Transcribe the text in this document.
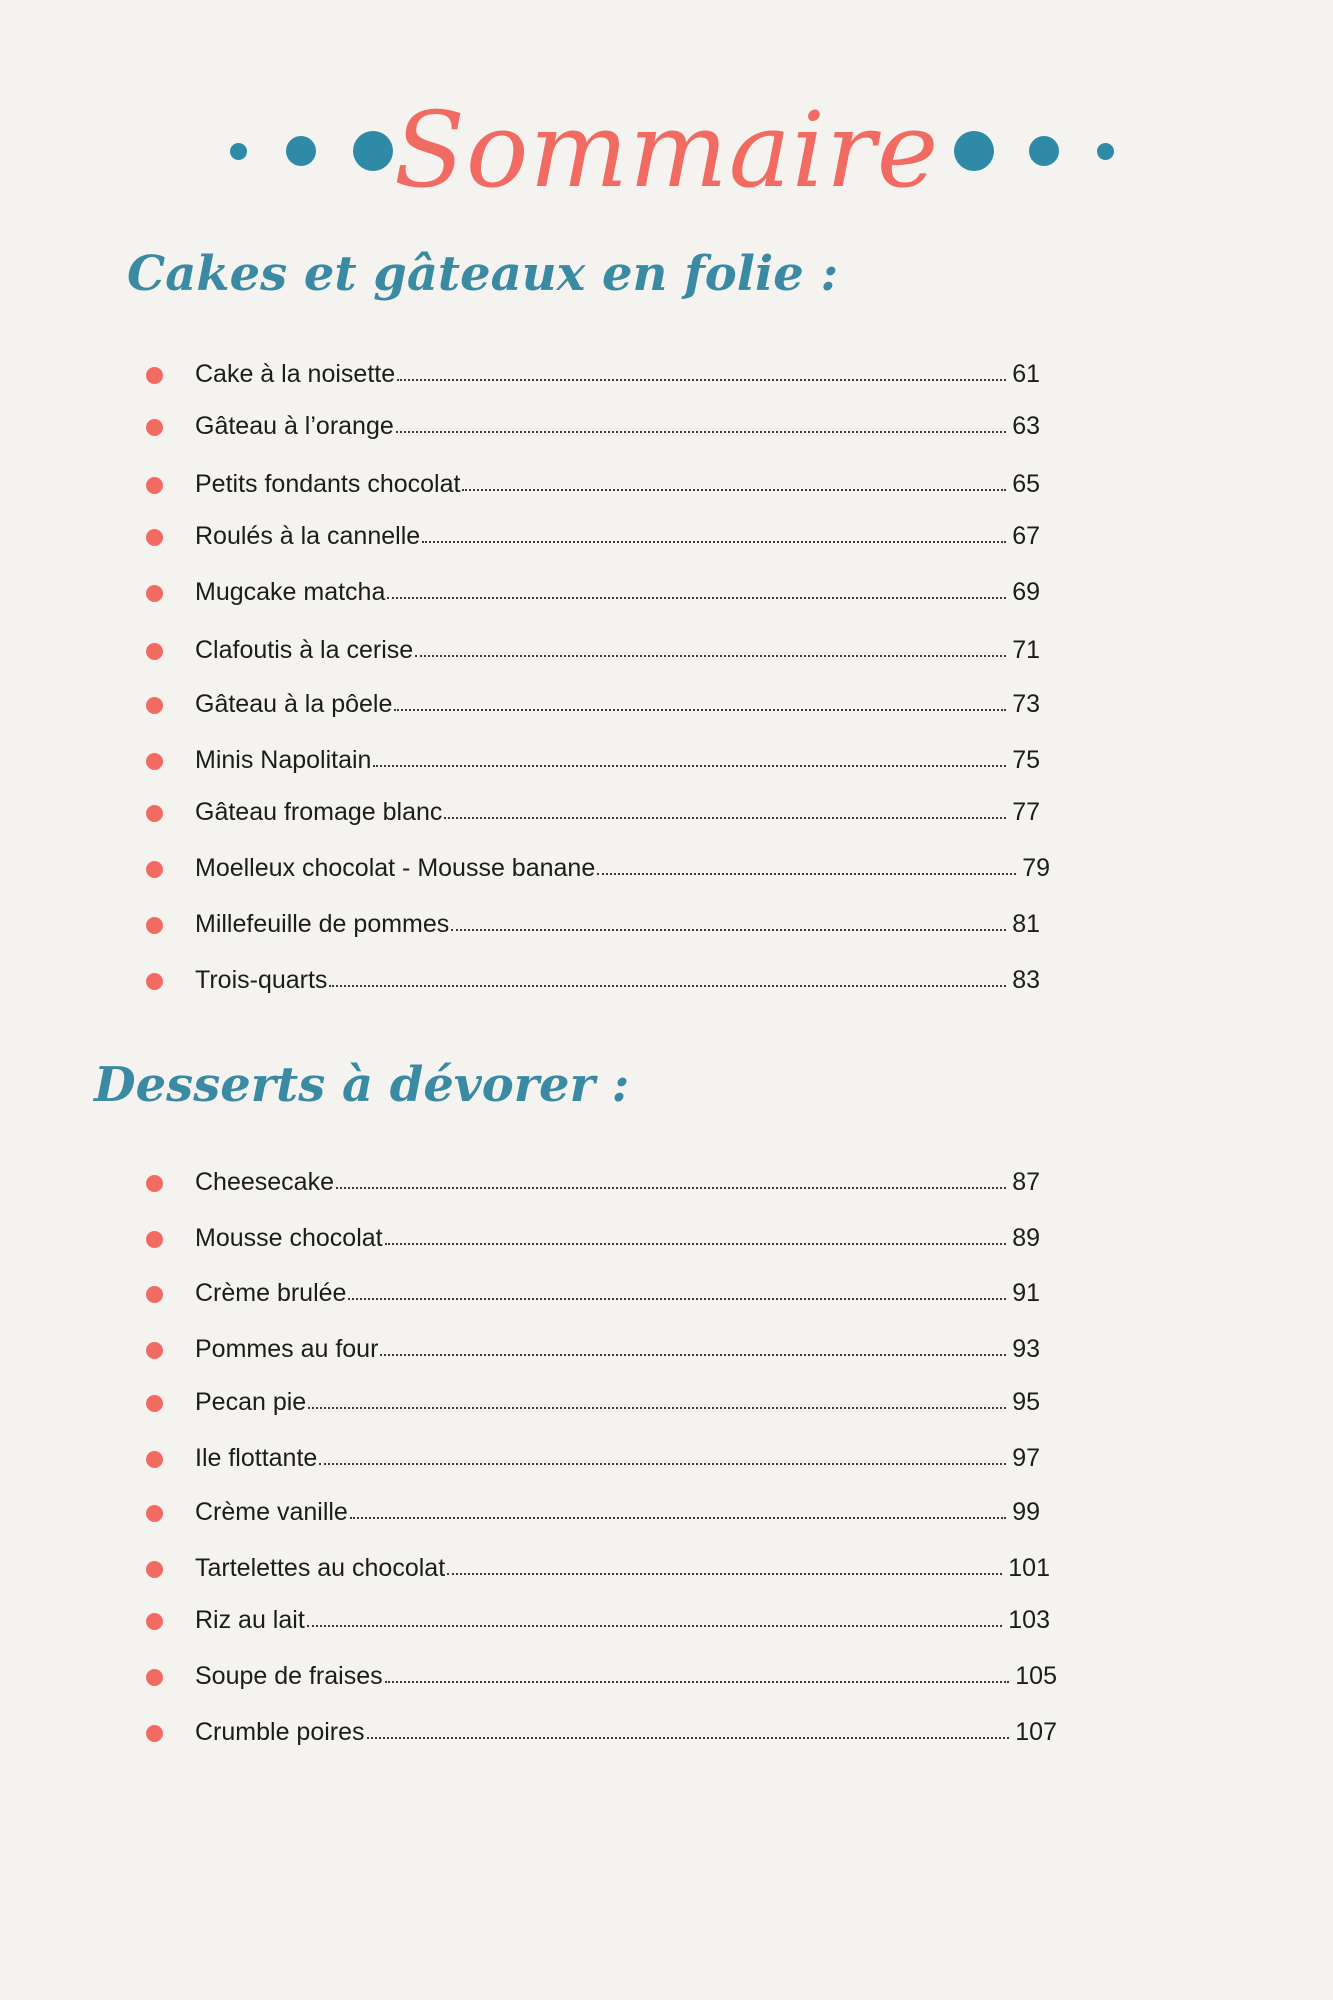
Sommaire
Cakes et gâteaux en folie :
Cake à la noisette	61
Gâteau à l’orange	63
Petits fondants chocolat	65
Roulés à la cannelle	67
Mugcake matcha	69
Clafoutis à la cerise	71
Gâteau à la pôele	73
Minis Napolitain	75
Gâteau fromage blanc	77
Moelleux chocolat - Mousse banane	79
Millefeuille de pommes	81
Trois-quarts	83
Desserts à dévorer :
Cheesecake	87
Mousse chocolat	89
Crème brulée	91
Pommes au four	93
Pecan pie	95
Ile flottante	97
Crème vanille	99
Tartelettes au chocolat	101
Riz au lait	103
Soupe de fraises	105
Crumble poires	107
